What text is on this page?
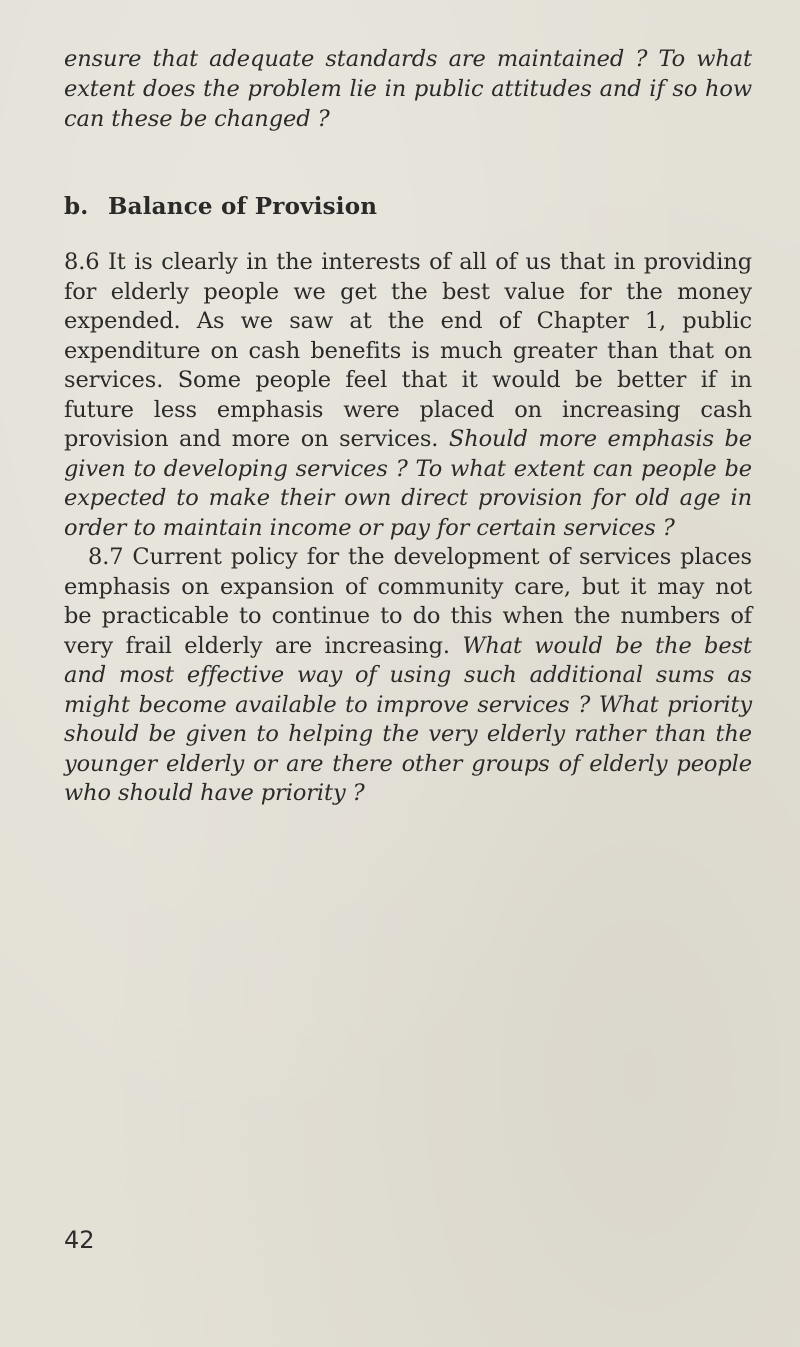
ensure that adequate standards are maintained ? To what extent does the problem lie in public attitudes and if so how can these be changed ?

b. Balance of Provision

8.6 It is clearly in the interests of all of us that in providing for elderly people we get the best value for the money expended. As we saw at the end of Chapter 1, public expenditure on cash benefits is much greater than that on services. Some people feel that it would be better if in future less emphasis were placed on increasing cash provision and more on services. Should more emphasis be given to developing services ? To what extent can people be expected to make their own direct provision for old age in order to maintain income or pay for certain services ?

8.7 Current policy for the development of services places emphasis on expansion of community care, but it may not be practicable to continue to do this when the numbers of very frail elderly are increasing. What would be the best and most effective way of using such additional sums as might become available to improve services ? What priority should be given to helping the very elderly rather than the younger elderly or are there other groups of elderly people who should have priority ?

42
